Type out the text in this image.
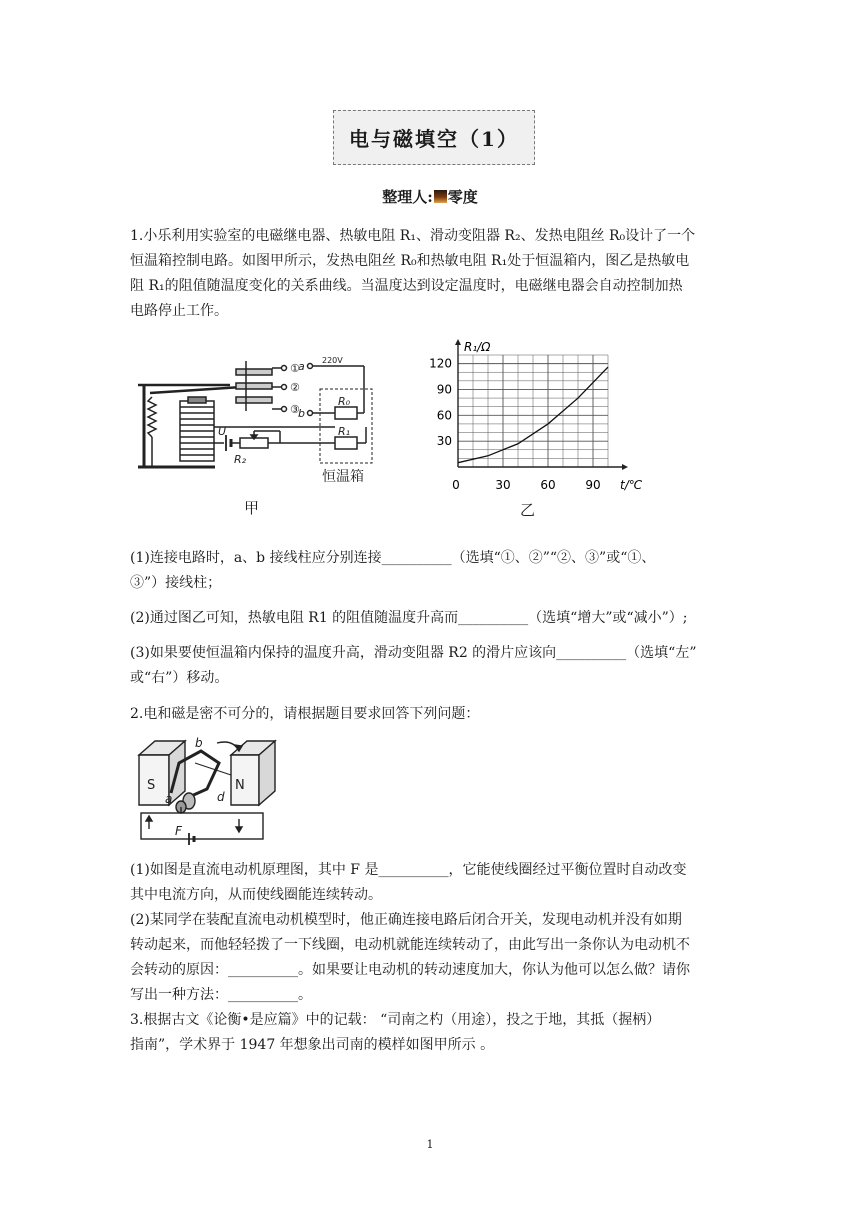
电与磁填空（1）
整理人: 零度
1.小乐利用实验室的电磁继电器、热敏电阻 R₁、滑动变阻器 R₂、发热电阻丝 R₀设计了一个
恒温箱控制电路。如图甲所示，发热电阻丝 R₀和热敏电阻 R₁处于恒温箱内，图乙是热敏电
阻 R₁的阻值随温度变化的关系曲线。当温度达到设定温度时，电磁继电器会自动控制加热
电路停止工作。
①
②
③
a
b
220V
R₀
R₁
R₂
U
恒温箱
甲
0	30 60 90
30
60
90
120
t/℃
R₁/Ω
乙
(1)连接电路时，a、b 接线柱应分别连接__________（选填“①、②”“②、③”或“①、
③”）接线柱；
(2)通过图乙可知，热敏电阻 R1 的阻值随温度升高而__________（选填“增大”或“减小”）;
(3)如果要使恒温箱内保持的温度升高，滑动变阻器 R2 的滑片应该向__________（选填“左”
或“右”）移动。
2.电和磁是密不可分的，请根据题目要求回答下列问题：
S	N
b
a	d
F
(1)如图是直流电动机原理图，其中 F 是__________，它能使线圈经过平衡位置时自动改变
其中电流方向，从而使线圈能连续转动。
(2)某同学在装配直流电动机模型时，他正确连接电路后闭合开关，发现电动机并没有如期
转动起来，而他轻轻拨了一下线圈，电动机就能连续转动了，由此写出一条你认为电动机不
会转动的原因：__________。如果要让电动机的转动速度加大，你认为他可以怎么做？请你
写出一种方法：__________。
3.根据古文《论衡•是应篇》中的记载： “司南之杓（用途），投之于地，其抵（握柄）
指南”，学术界于 1947 年想象出司南的模样如图甲所示 。
1
